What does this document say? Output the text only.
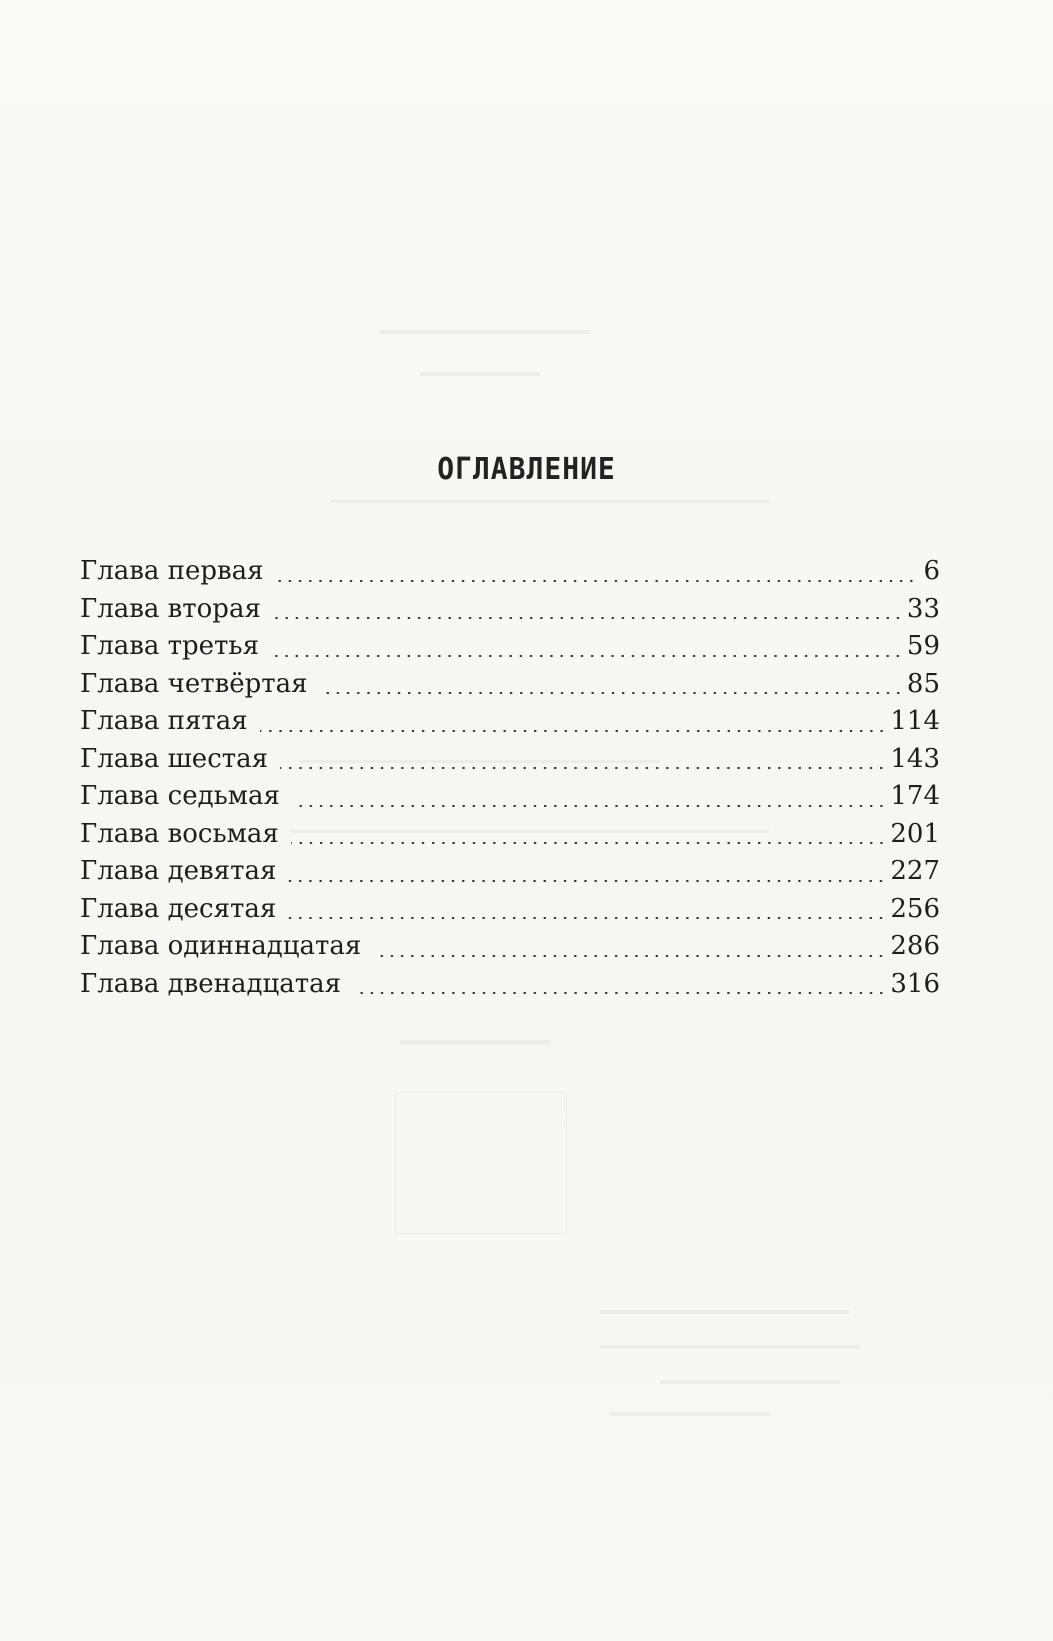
ОГЛАВЛЕНИЕ
Глава первая	6
Глава вторая	33
Глава третья	59
Глава четвёртая	85
Глава пятая	114
Глава шестая	143
Глава седьмая	174
Глава восьмая	201
Глава девятая	227
Глава десятая	256
Глава одиннадцатая	286
Глава двенадцатая	316
